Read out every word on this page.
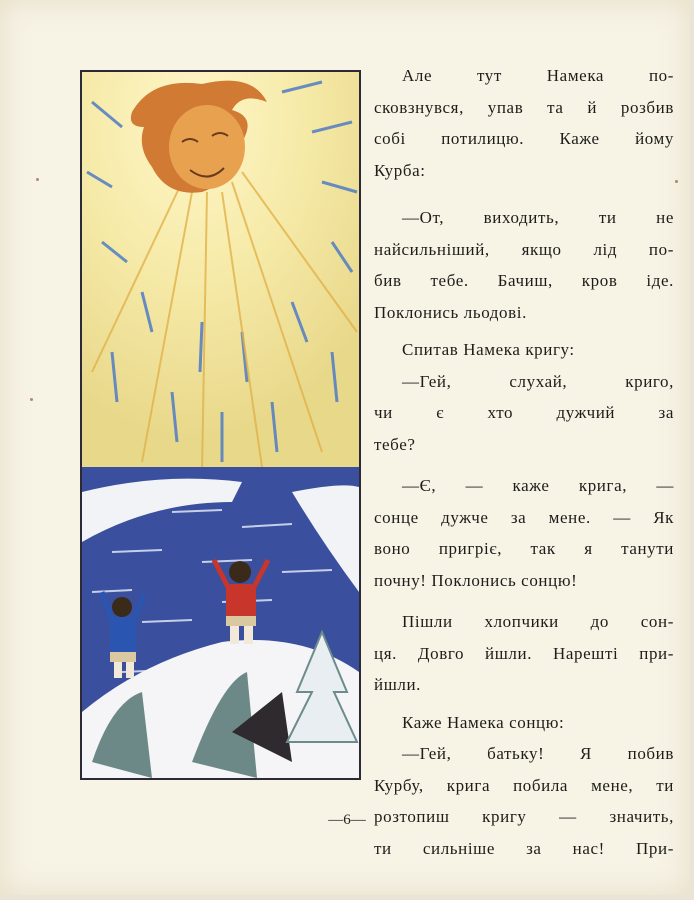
Але тут Намека по-
сковзнувся, упав та й розбив
собі потилицю. Каже йому
Курба:
—От, виходить, ти не
найсильніший, якщо лід по-
бив тебе. Бачиш, кров іде.
Поклонись льодові.
Спитав Намека кригу:
—Гей, слухай, криго,
чи є хто дужчий за
тебе?
—Є, — каже крига, —
сонце дужче за мене. — Як
воно пригріє, так я танути
почну! Поклонись сонцю!
Пішли хлопчики до сон-
ця. Довго йшли. Нарешті при-
йшли.
Каже Намека сонцю:
—Гей, батьку! Я побив
Курбу, крига побила мене, ти
розтопиш кригу — значить,
ти сильніше за нас! При-
—6—
